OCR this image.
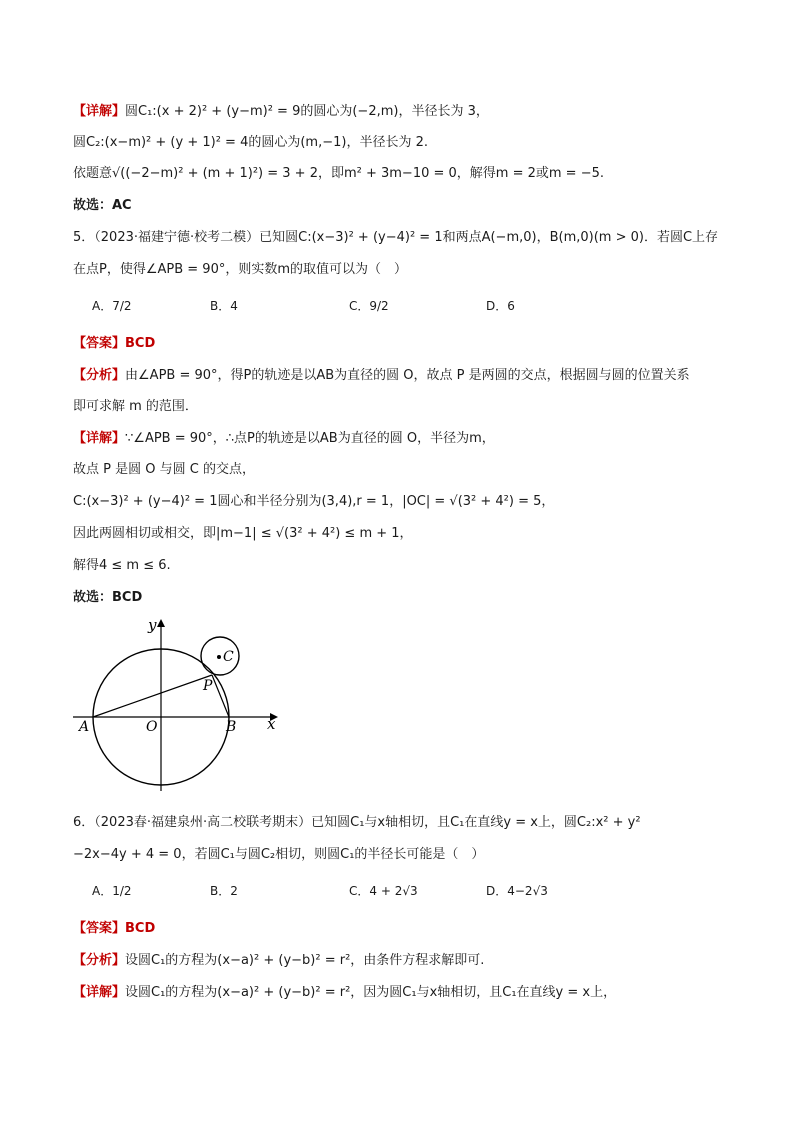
【详解】圆C₁:(x + 2)² + (y−m)² = 9的圆心为(−2,m)，半径长为 3，
圆C₂:(x−m)² + (y + 1)² = 4的圆心为(m,−1)，半径长为 2.
依题意√((−2−m)² + (m + 1)²) = 3 + 2，即m² + 3m−10 = 0，解得m = 2或m = −5.
故选：AC
5．（2023·福建宁德·校考二模）已知圆C:(x−3)² + (y−4)² = 1和两点A(−m,0)，B(m,0)(m > 0)．若圆C上存
在点P，使得∠APB = 90°，则实数m的取值可以为（　）
A．7/2	B．4	C．9/2	D．6
【答案】BCD
【分析】由∠APB = 90°，得P的轨迹是以AB为直径的圆 O，故点 P 是两圆的交点，根据圆与圆的位置关系
即可求解 m 的范围．
【详解】∵∠APB = 90°，∴点P的轨迹是以AB为直径的圆 O，半径为m，
故点 P 是圆 O 与圆 C 的交点，
C:(x−3)² + (y−4)² = 1圆心和半径分别为(3,4),r = 1，|OC| = √(3² + 4²) = 5，
因此两圆相切或相交，即|m−1| ≤ √(3² + 4²) ≤ m + 1，
解得4 ≤ m ≤ 6.
故选：BCD
y
x
C
P
A	O	B
6．（2023春·福建泉州·高二校联考期末）已知圆C₁与x轴相切，且C₁在直线y = x上，圆C₂:x² + y²
−2x−4y + 4 = 0，若圆C₁与圆C₂相切，则圆C₁的半径长可能是（　）
A．1/2	B．2	C．4 + 2√3	D．4−2√3
【答案】BCD
【分析】设圆C₁的方程为(x−a)² + (y−b)² = r²，由条件方程求解即可.
【详解】设圆C₁的方程为(x−a)² + (y−b)² = r²，因为圆C₁与x轴相切，且C₁在直线y = x上，
